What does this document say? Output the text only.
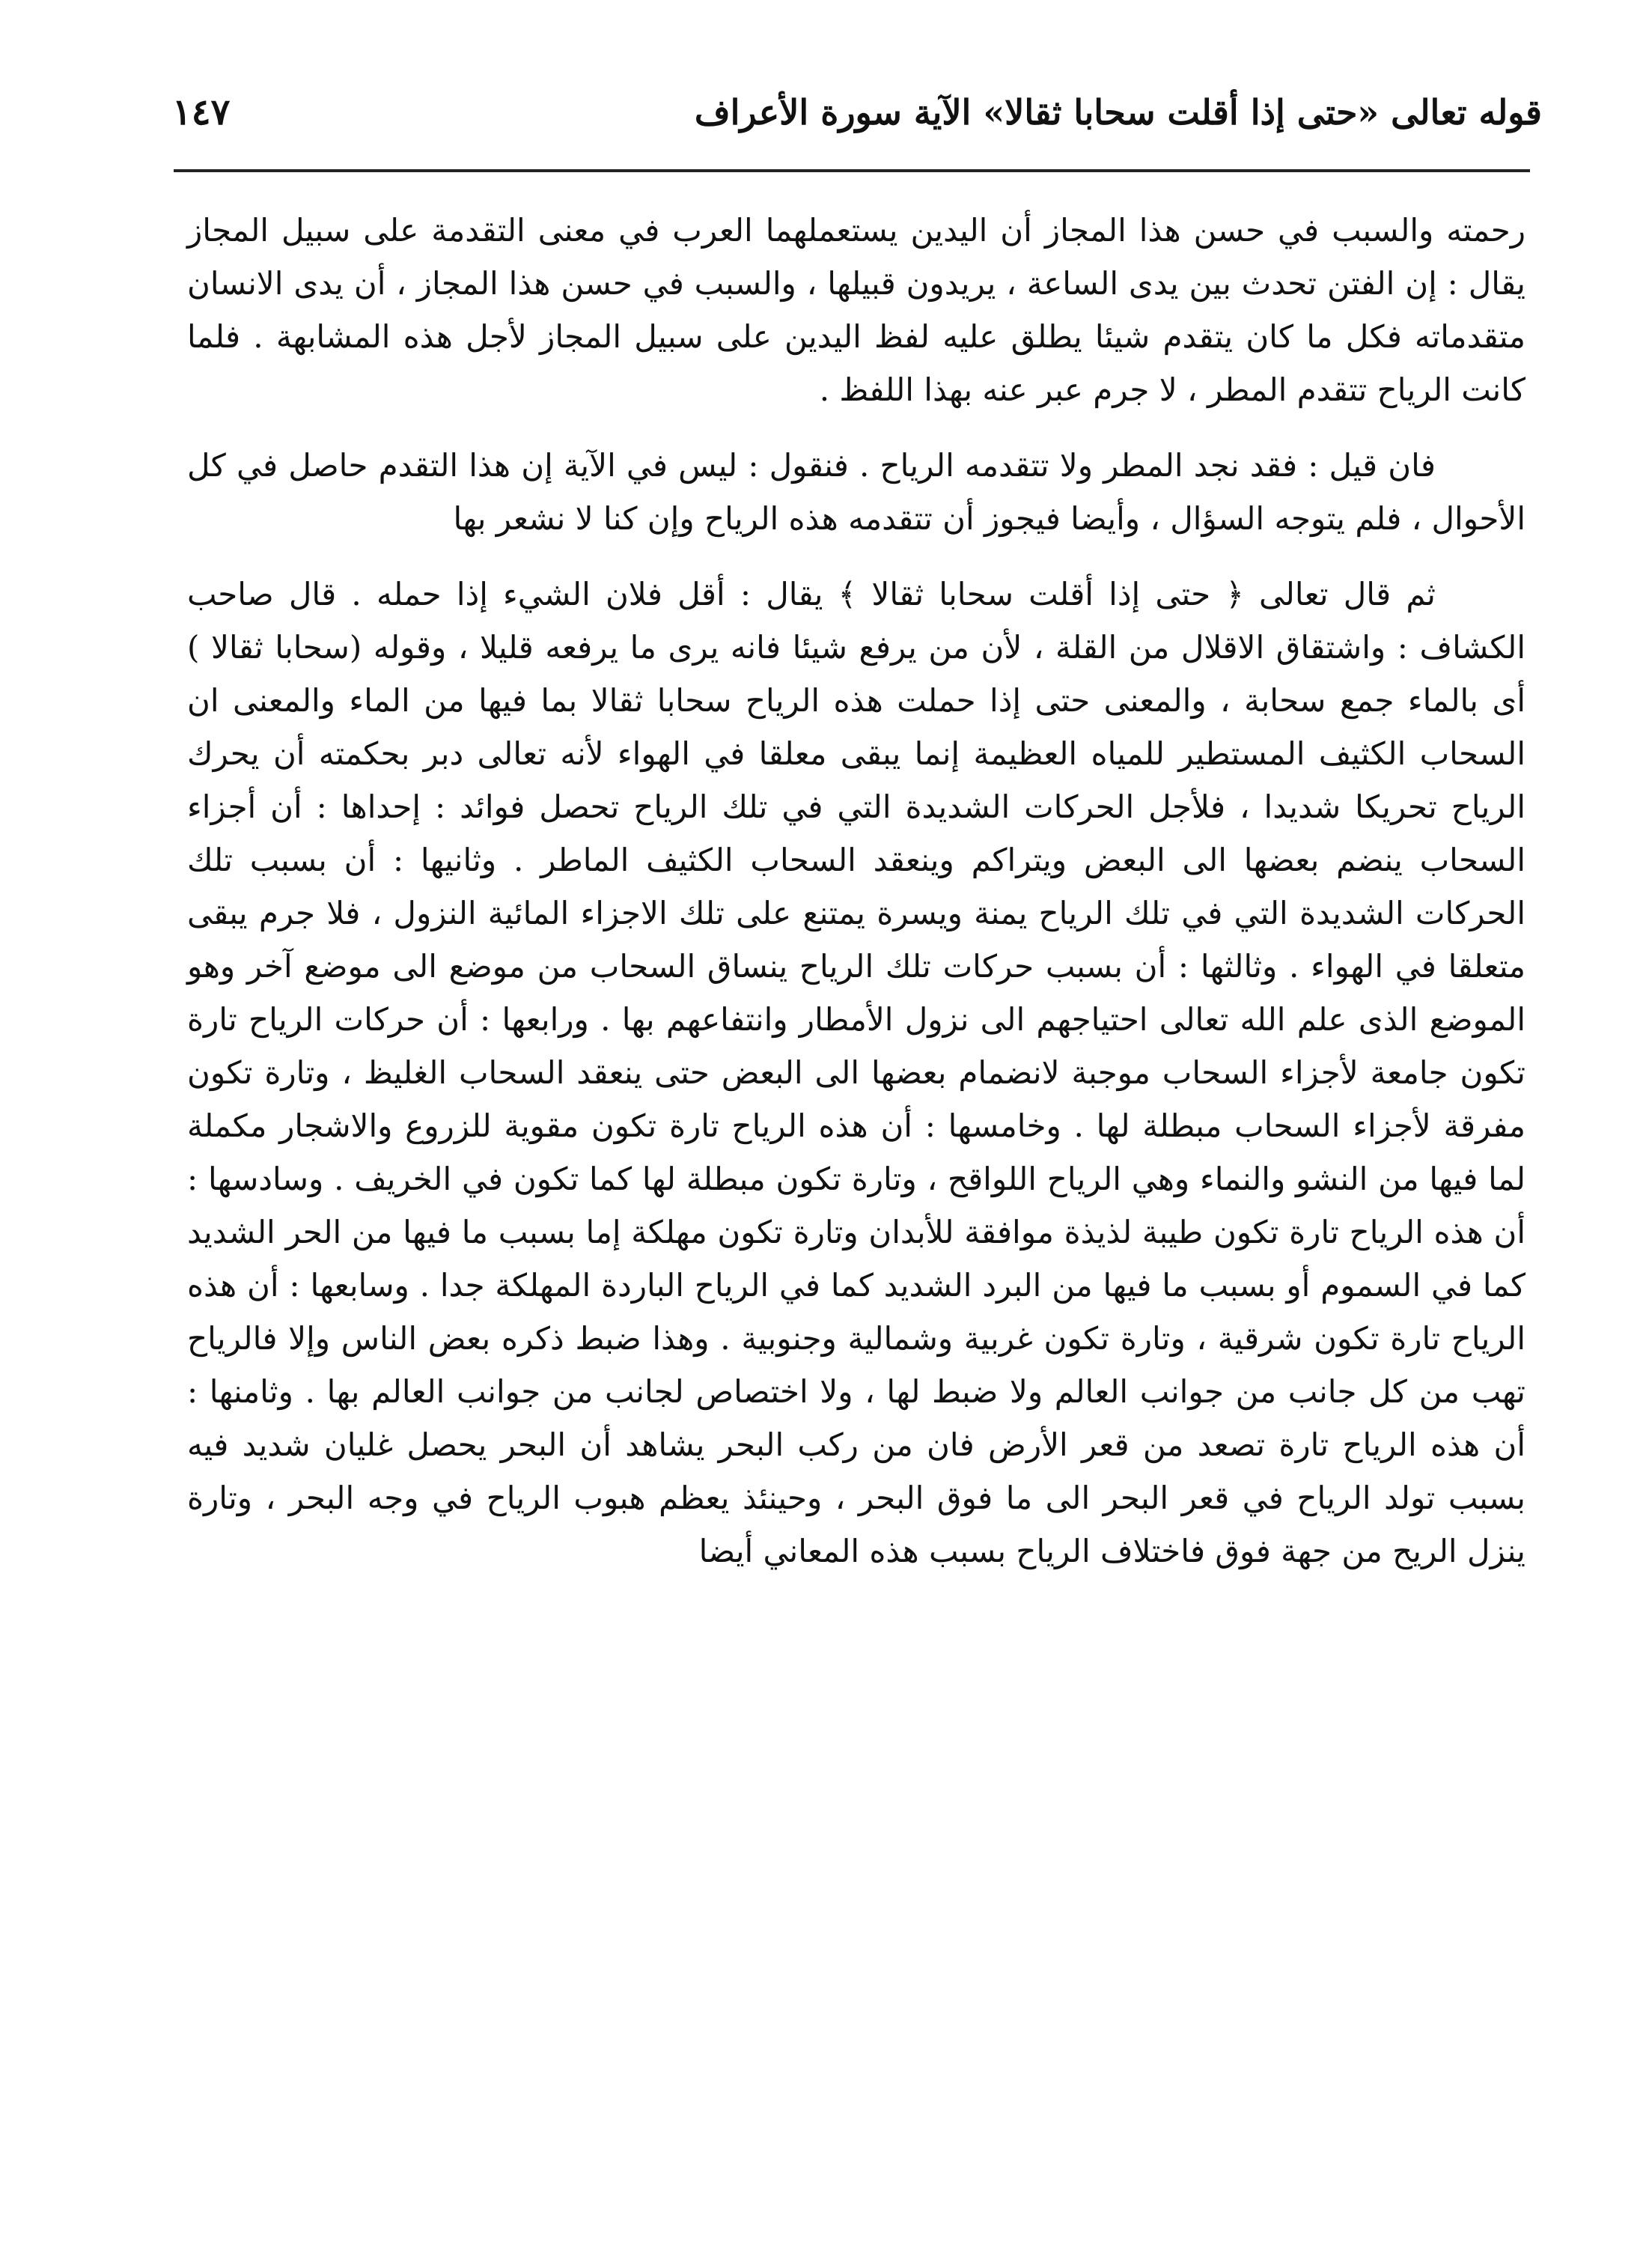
قوله تعالى «حتى إذا أقلت سحابا ثقالا» الآية سورة الأعراف
١٤٧

رحمته والسبب في حسن هذا المجاز أن اليدين يستعملهما العرب في معنى التقدمة على سبيل المجاز يقال : إن الفتن تحدث بين يدى الساعة ، يريدون قبيلها ، والسبب في حسن هذا المجاز ، أن يدى الانسان متقدماته فكل ما كان يتقدم شيئا يطلق عليه لفظ اليدين على سبيل المجاز لأجل هذه المشابهة . فلما كانت الرياح تتقدم المطر ، لا جرم عبر عنه بهذا اللفظ .

فان قيل : فقد نجد المطر ولا تتقدمه الرياح . فنقول : ليس في الآية إن هذا التقدم حاصل في كل الأحوال ، فلم يتوجه السؤال ، وأيضا فيجوز أن تتقدمه هذه الرياح وإن كنا لا نشعر بها

ثم قال تعالى ﴿ حتى إذا أقلت سحابا ثقالا ﴾ يقال : أقل فلان الشيء إذا حمله . قال صاحب الكشاف : واشتقاق الاقلال من القلة ، لأن من يرفع شيئا فانه يرى ما يرفعه قليلا ، وقوله (سحابا ثقالا ) أى بالماء جمع سحابة ، والمعنى حتى إذا حملت هذه الرياح سحابا ثقالا بما فيها من الماء والمعنى ان السحاب الكثيف المستطير للمياه العظيمة إنما يبقى معلقا في الهواء لأنه تعالى دبر بحكمته أن يحرك الرياح تحريكا شديدا ، فلأجل الحركات الشديدة التي في تلك الرياح تحصل فوائد : إحداها : أن أجزاء السحاب ينضم بعضها الى البعض ويتراكم وينعقد السحاب الكثيف الماطر . وثانيها : أن بسبب تلك الحركات الشديدة التي في تلك الرياح يمنة ويسرة يمتنع على تلك الاجزاء المائية النزول ، فلا جرم يبقى متعلقا في الهواء . وثالثها : أن بسبب حركات تلك الرياح ينساق السحاب من موضع الى موضع آخر وهو الموضع الذى علم الله تعالى احتياجهم الى نزول الأمطار وانتفاعهم بها . ورابعها : أن حركات الرياح تارة تكون جامعة لأجزاء السحاب موجبة لانضمام بعضها الى البعض حتى ينعقد السحاب الغليظ ، وتارة تكون مفرقة لأجزاء السحاب مبطلة لها . وخامسها : أن هذه الرياح تارة تكون مقوية للزروع والاشجار مكملة لما فيها من النشو والنماء وهي الرياح اللواقح ، وتارة تكون مبطلة لها كما تكون في الخريف . وسادسها : أن هذه الرياح تارة تكون طيبة لذيذة موافقة للأبدان وتارة تكون مهلكة إما بسبب ما فيها من الحر الشديد كما في السموم أو بسبب ما فيها من البرد الشديد كما في الرياح الباردة المهلكة جدا . وسابعها : أن هذه الرياح تارة تكون شرقية ، وتارة تكون غربية وشمالية وجنوبية . وهذا ضبط ذكره بعض الناس وإلا فالرياح تهب من كل جانب من جوانب العالم ولا ضبط لها ، ولا اختصاص لجانب من جوانب العالم بها . وثامنها : أن هذه الرياح تارة تصعد من قعر الأرض فان من ركب البحر يشاهد أن البحر يحصل غليان شديد فيه بسبب تولد الرياح في قعر البحر الى ما فوق البحر ، وحينئذ يعظم هبوب الرياح في وجه البحر ، وتارة ينزل الريح من جهة فوق فاختلاف الرياح بسبب هذه المعاني أيضا
